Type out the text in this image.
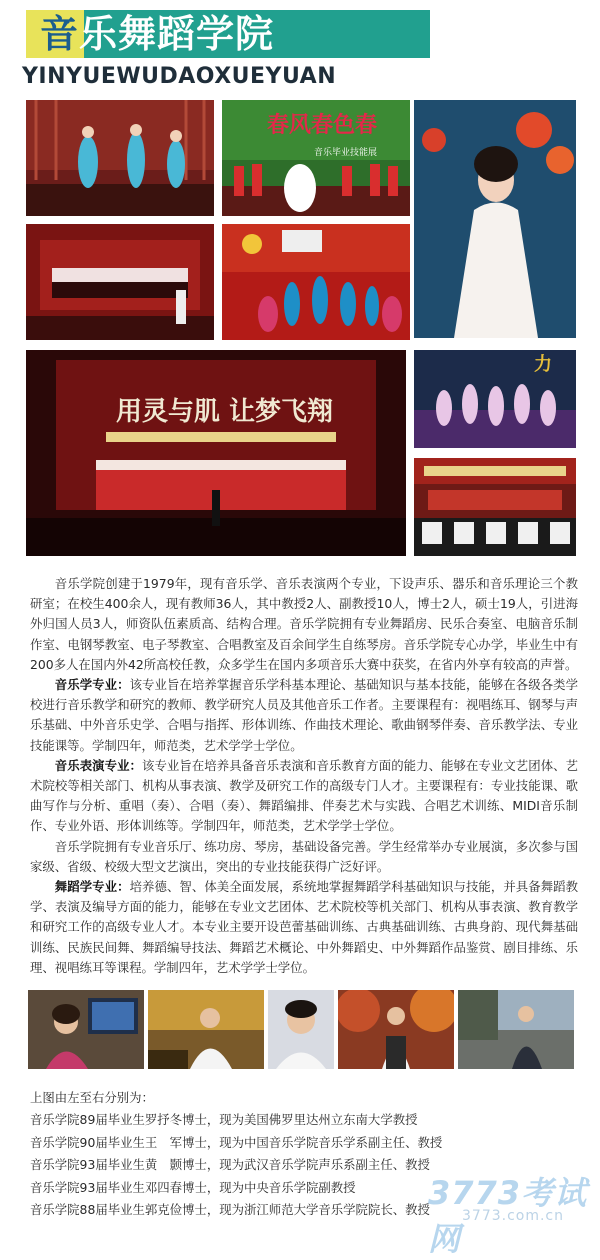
音乐舞蹈学院
YINYUEWUDAOXUEYUAN
春风春色春
音乐毕业技能展
用灵与肌 让梦飞翔
力

音乐学院创建于1979年，现有音乐学、音乐表演两个专业，下设声乐、器乐和音乐理论三个教研室；在校生400余人，现有教师36人，其中教授2人、副教授10人，博士2人，硕士19人，引进海外归国人员3人，师资队伍素质高、结构合理。音乐学院拥有专业舞蹈房、民乐合奏室、电脑音乐制作室、电钢琴教室、电子琴教室、合唱教室及百余间学生自练琴房。音乐学院专心办学，毕业生中有200多人在国内外42所高校任教，众多学生在国内多项音乐大赛中获奖，在省内外享有较高的声誉。

音乐学专业：该专业旨在培养掌握音乐学科基本理论、基础知识与基本技能，能够在各级各类学校进行音乐教学和研究的教师、教学研究人员及其他音乐工作者。主要课程有：视唱练耳、钢琴与声乐基础、中外音乐史学、合唱与指挥、形体训练、作曲技术理论、歌曲钢琴伴奏、音乐教学法、专业技能课等。学制四年，师范类，艺术学学士学位。

音乐表演专业：该专业旨在培养具备音乐表演和音乐教育方面的能力、能够在专业文艺团体、艺术院校等相关部门、机构从事表演、教学及研究工作的高级专门人才。主要课程有：专业技能课、歌曲写作与分析、重唱（奏）、合唱（奏）、舞蹈编排、伴奏艺术与实践、合唱艺术训练、MIDI音乐制作、专业外语、形体训练等。学制四年，师范类，艺术学学士学位。

音乐学院拥有专业音乐厅、练功房、琴房，基础设备完善。学生经常举办专业展演，多次参与国家级、省级、校级大型文艺演出，突出的专业技能获得广泛好评。

舞蹈学专业：培养德、智、体美全面发展，系统地掌握舞蹈学科基础知识与技能，并具备舞蹈教学、表演及编导方面的能力，能够在专业文艺团体、艺术院校等机关部门、机构从事表演、教育教学和研究工作的高级专业人才。本专业主要开设芭蕾基础训练、古典基础训练、古典身韵、现代舞基础训练、民族民间舞、舞蹈编导技法、舞蹈艺术概论、中外舞蹈史、中外舞蹈作品鉴赏、剧目排练、乐理、视唱练耳等课程。学制四年，艺术学学士学位。

上图由左至右分别为：
音乐学院89届毕业生罗抒冬博士，现为美国佛罗里达州立东南大学教授
音乐学院90届毕业生王　军博士，现为中国音乐学院音乐学系副主任、教授
音乐学院93届毕业生黄　颢博士，现为武汉音乐学院声乐系副主任、教授
音乐学院93届毕业生邓四春博士，现为中央音乐学院副教授
音乐学院88届毕业生郭克俭博士，现为浙江师范大学音乐学院院长、教授
3773考试网
3773.com.cn
